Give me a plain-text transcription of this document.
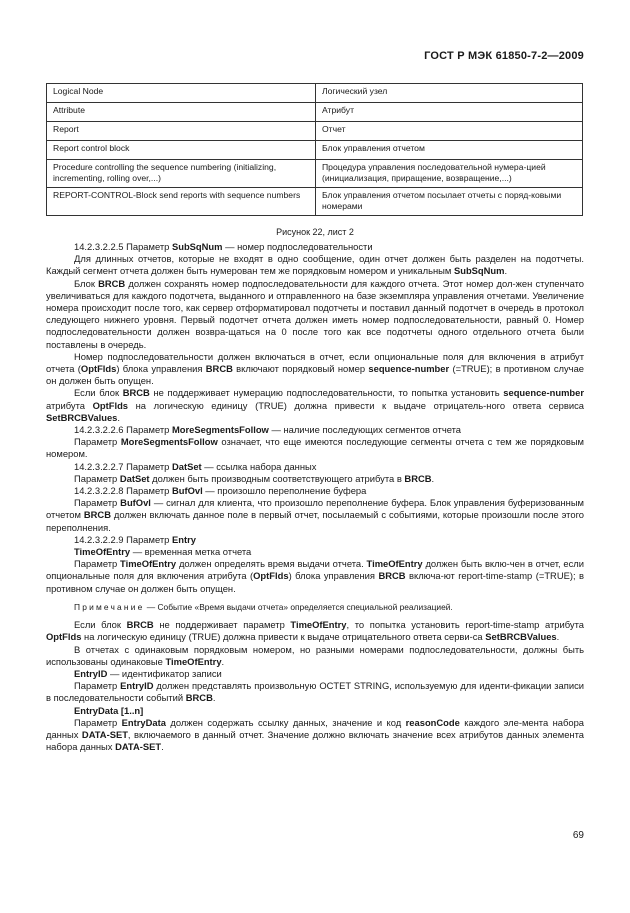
ГОСТ Р МЭК 61850-7-2—2009
Logical Node	Логический узел
Attribute	Атрибут
Report	Отчет
Report control block	Блок управления отчетом
Procedure controlling the sequence numbering (initializing, incrementing, rolling over,...)	Процедура управления последовательной нумера-цией (инициализация, приращение, возвращение,...)
REPORT-CONTROL-Block send reports with sequence numbers	Блок управления отчетом посылает отчеты с поряд-ковыми номерами
Рисунок 22, лист 2

14.2.3.2.2.5 Параметр SubSqNum — номер подпоследовательности

Для длинных отчетов, которые не входят в одно сообщение, один отчет должен быть разделен на подотчеты. Каждый сегмент отчета должен быть нумерован тем же порядковым номером и уникальным SubSqNum.

Блок BRCB должен сохранять номер подпоследовательности для каждого отчета. Этот номер дол-жен ступенчато увеличиваться для каждого подотчета, выданного и отправленного на базе экземпляра управления отчетами. Увеличение номера происходит после того, как сервер отформатировал подотчеты и поставил данный подотчет в очередь в протокол следующего нижнего уровня. Первый подотчет отчета должен иметь номер подпоследовательности, равный 0. Номер подпоследовательности должен возвра-щаться на 0 после того как все подотчеты одного отдельного отчета были поставлены в очередь.

Номер подпоследовательности должен включаться в отчет, если опциональные поля для включения в атрибут отчета (OptFlds) блока управления BRCB включают порядковый номер sequence-number (=TRUE); в противном случае он должен быть опущен.

Если блок BRCB не поддерживает нумерацию подпоследовательности, то попытка установить sequence-number атрибута OptFlds на логическую единицу (TRUE) должна привести к выдаче отрицатель-ного ответа сервиса SetBRCBValues.

14.2.3.2.2.6 Параметр MoreSegmentsFollow — наличие последующих сегментов отчета

Параметр MoreSegmentsFollow означает, что еще имеются последующие сегменты отчета с тем же порядковым номером.

14.2.3.2.2.7 Параметр DatSet — ссылка набора данных

Параметр DatSet должен быть производным соответствующего атрибута в BRCB.

14.2.3.2.2.8 Параметр BufOvl — произошло переполнение буфера

Параметр BufOvl — сигнал для клиента, что произошло переполнение буфера. Блок управления буферизованным отчетом BRCB должен включать данное поле в первый отчет, посылаемый с событиями, которые произошли после этого переполнения.

14.2.3.2.2.9 Параметр Entry

TimeOfEntry — временная метка отчета

Параметр TimeOfEntry должен определять время выдачи отчета. TimeOfEntry должен быть вклю-чен в отчет, если опциональные поля для включения атрибута (OptFlds) блока управления BRCB включа-ют report-time-stamp (=TRUE); в противном случае он должен быть опущен.

Примечание — Событие «Время выдачи отчета» определяется специальной реализацией.

Если блок BRCB не поддерживает параметр TimeOfEntry, то попытка установить report-time-stamp атрибута OptFlds на логическую единицу (TRUE) должна привести к выдаче отрицательного ответа серви-са SetBRCBValues.

В отчетах с одинаковым порядковым номером, но разными номерами подпоследовательности, должны быть использованы одинаковые TimeOfEntry.

EntryID — идентификатор записи

Параметр EntryID должен представлять произвольную OCTET STRING, используемую для иденти-фикации записи в последовательности событий BRCB.

EntryData [1..n]

Параметр EntryData должен содержать ссылку данных, значение и код reasonCode каждого эле-мента набора данных DATA-SET, включаемого в данный отчет. Значение должно включать значение всех атрибутов данных элемента набора данных DATA-SET.

69
